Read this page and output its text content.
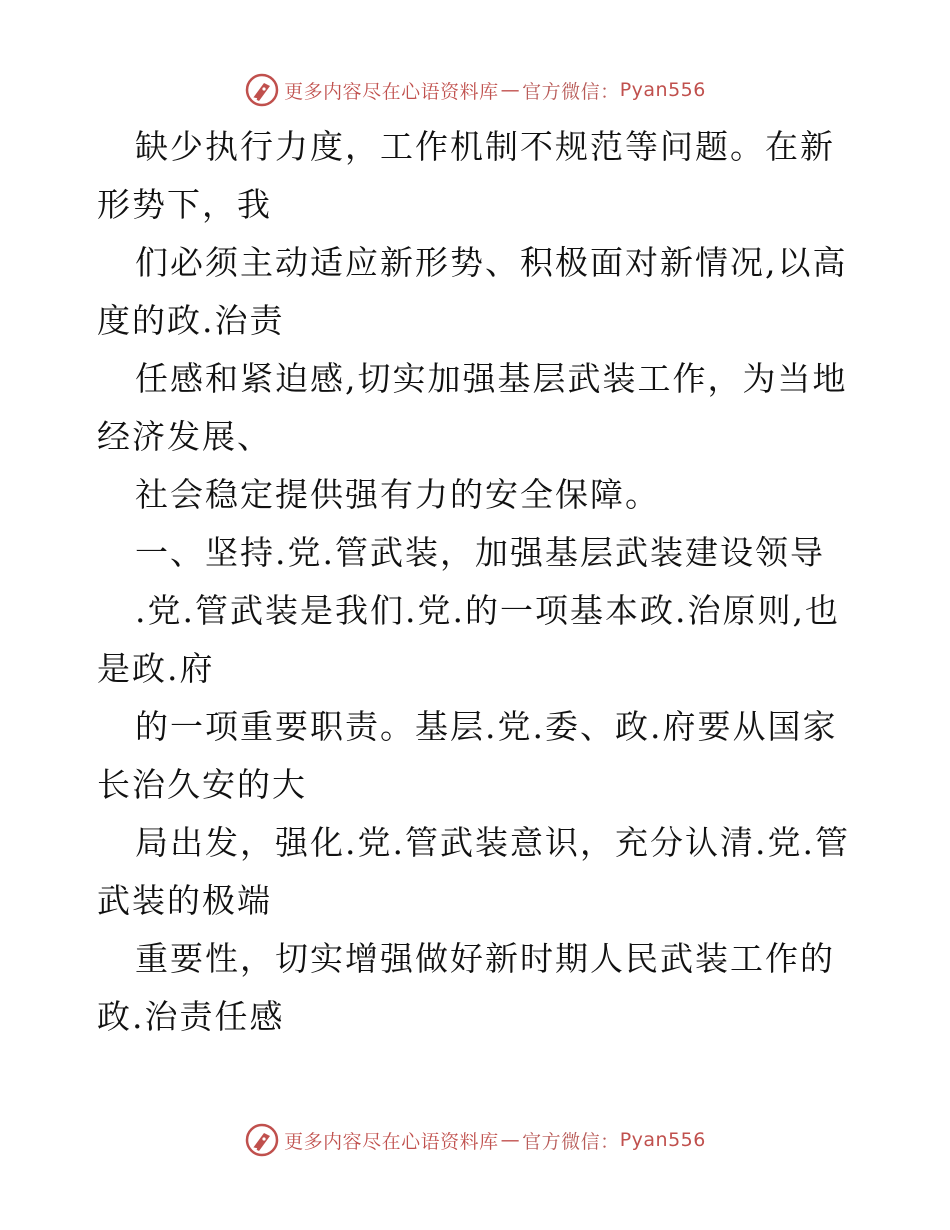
更多内容尽在心语资料库 — 官方微信： Pyan556

缺少执行力度，工作机制不规范等问题。在新形势下，我

们必须主动适应新形势、积极面对新情况,以高度的政.治责

任感和紧迫感,切实加强基层武装工作，为当地经济发展、

社会稳定提供强有力的安全保障。

一、坚持.党.管武装，加强基层武装建设领导

.党.管武装是我们.党.的一项基本政.治原则,也是政.府

的一项重要职责。基层.党.委、政.府要从国家长治久安的大

局出发，强化.党.管武装意识，充分认清.党.管武装的极端

重要性，切实增强做好新时期人民武装工作的政.治责任感

更多内容尽在心语资料库 — 官方微信： Pyan556
